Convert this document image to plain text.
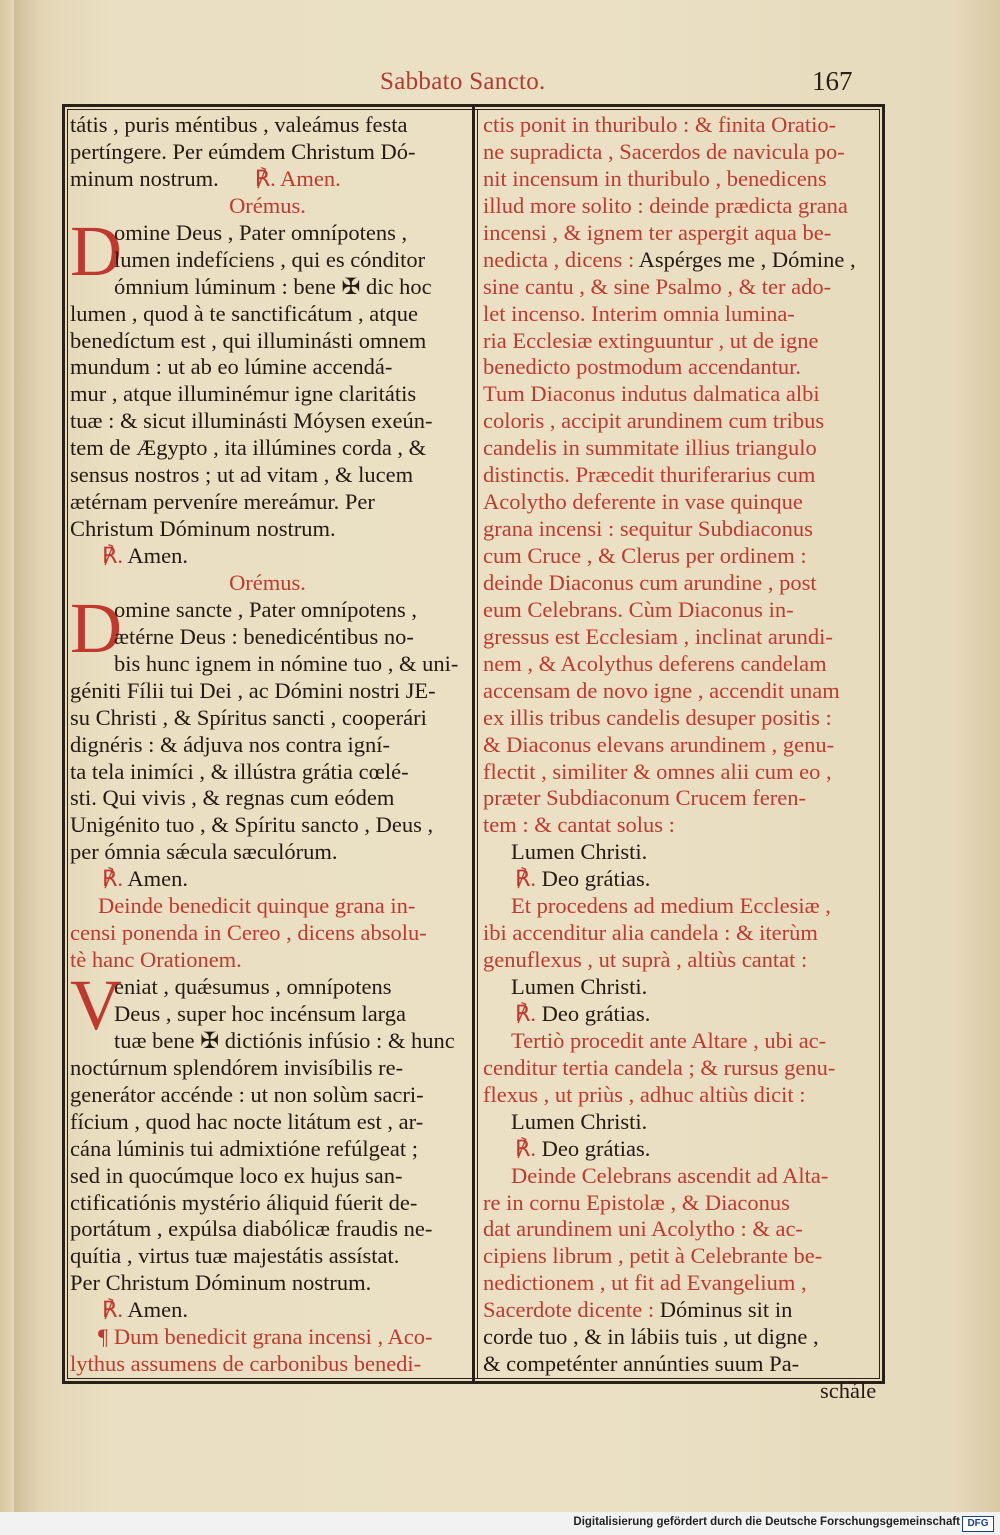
Sabbato Sancto.	167
tátis , puris méntibus , valeámus festa
pertíngere. Per eúmdem Christum Dó-
minum nostrum. ℟. Amen.
Orémus.
D
omine Deus , Pater omnípotens ,
lumen indefíciens , qui es cónditor
ómnium lúminum : bene ✠ dic hoc
lumen , quod à te sanctificátum , atque
benedíctum est , qui illuminásti omnem
mundum : ut ab eo lúmine accendá-
mur , atque illuminémur igne claritátis
tuæ : & sicut illuminásti Móysen exeún-
tem de Ægypto , ita illúmines corda , &
sensus nostros ; ut ad vitam , & lucem
ætérnam perveníre mereámur. Per
Christum Dóminum nostrum.
℟. Amen.
Orémus.
D
omine sancte , Pater omnípotens ,
ætérne Deus : benedicéntibus no-
bis hunc ignem in nómine tuo , & uni-
géniti Fílii tui Dei , ac Dómini nostri JE-
su Christi , & Spíritus sancti , cooperári
dignéris : & ádjuva nos contra igní-
ta tela inimíci , & illústra grátia cœlé-
sti. Qui vivis , & regnas cum eódem
Unigénito tuo , & Spíritu sancto , Deus ,
per ómnia sǽcula sæculórum.
℟. Amen.
Deinde benedicit quinque grana in-
censi ponenda in Cereo , dicens absolu-
tè hanc Orationem.
V
eniat , quǽsumus , omnípotens
Deus , super hoc incénsum larga
tuæ bene ✠ dictiónis infúsio : & hunc
noctúrnum splendórem invisíbilis re-
generátor accénde : ut non solùm sacri-
fícium , quod hac nocte litátum est , ar-
cána lúminis tui admixtióne refúlgeat ;
sed in quocúmque loco ex hujus san-
ctificatiónis mystério áliquid fúerit de-
portátum , expúlsa diabólicæ fraudis ne-
quítia , virtus tuæ majestátis assístat.
Per Christum Dóminum nostrum.
℟. Amen.
¶ Dum benedicit grana incensi , Aco-
lythus assumens de carbonibus benedi-
ctis ponit in thuribulo : & finita Oratio-
ne supradicta , Sacerdos de navicula po-
nit incensum in thuribulo , benedicens
illud more solito : deinde prædicta grana
incensi , & ignem ter aspergit aqua be-
nedicta , dicens : Aspérges me , Dómine ,
sine cantu , & sine Psalmo , & ter ado-
let incenso. Interim omnia lumina-
ria Ecclesiæ extinguuntur , ut de igne
benedicto postmodum accendantur.
Tum Diaconus indutus dalmatica albi
coloris , accipit arundinem cum tribus
candelis in summitate illius triangulo
distinctis. Præcedit thuriferarius cum
Acolytho deferente in vase quinque
grana incensi : sequitur Subdiaconus
cum Cruce , & Clerus per ordinem :
deinde Diaconus cum arundine , post
eum Celebrans. Cùm Diaconus in-
gressus est Ecclesiam , inclinat arundi-
nem , & Acolythus deferens candelam
accensam de novo igne , accendit unam
ex illis tribus candelis desuper positis :
& Diaconus elevans arundinem , genu-
flectit , similiter & omnes alii cum eo ,
præter Subdiaconum Crucem feren-
tem : & cantat solus :
Lumen Christi.
℟. Deo grátias.
Et procedens ad medium Ecclesiæ ,
ibi accenditur alia candela : & iterùm
genuflexus , ut suprà , altiùs cantat :
Lumen Christi.
℟. Deo grátias.
Tertiò procedit ante Altare , ubi ac-
cenditur tertia candela ; & rursus genu-
flexus , ut priùs , adhuc altiùs dicit :
Lumen Christi.
℟. Deo grátias.
Deinde Celebrans ascendit ad Alta-
re in cornu Epistolæ , & Diaconus
dat arundinem uni Acolytho : & ac-
cipiens librum , petit à Celebrante be-
nedictionem , ut fit ad Evangelium ,
Sacerdote dicente : Dóminus sit in
corde tuo , & in lábiis tuis , ut digne ,
& competénter annúnties suum Pa-
schále
Digitalisierung gefördert durch die Deutsche Forschungsgemeinschaft DFG
